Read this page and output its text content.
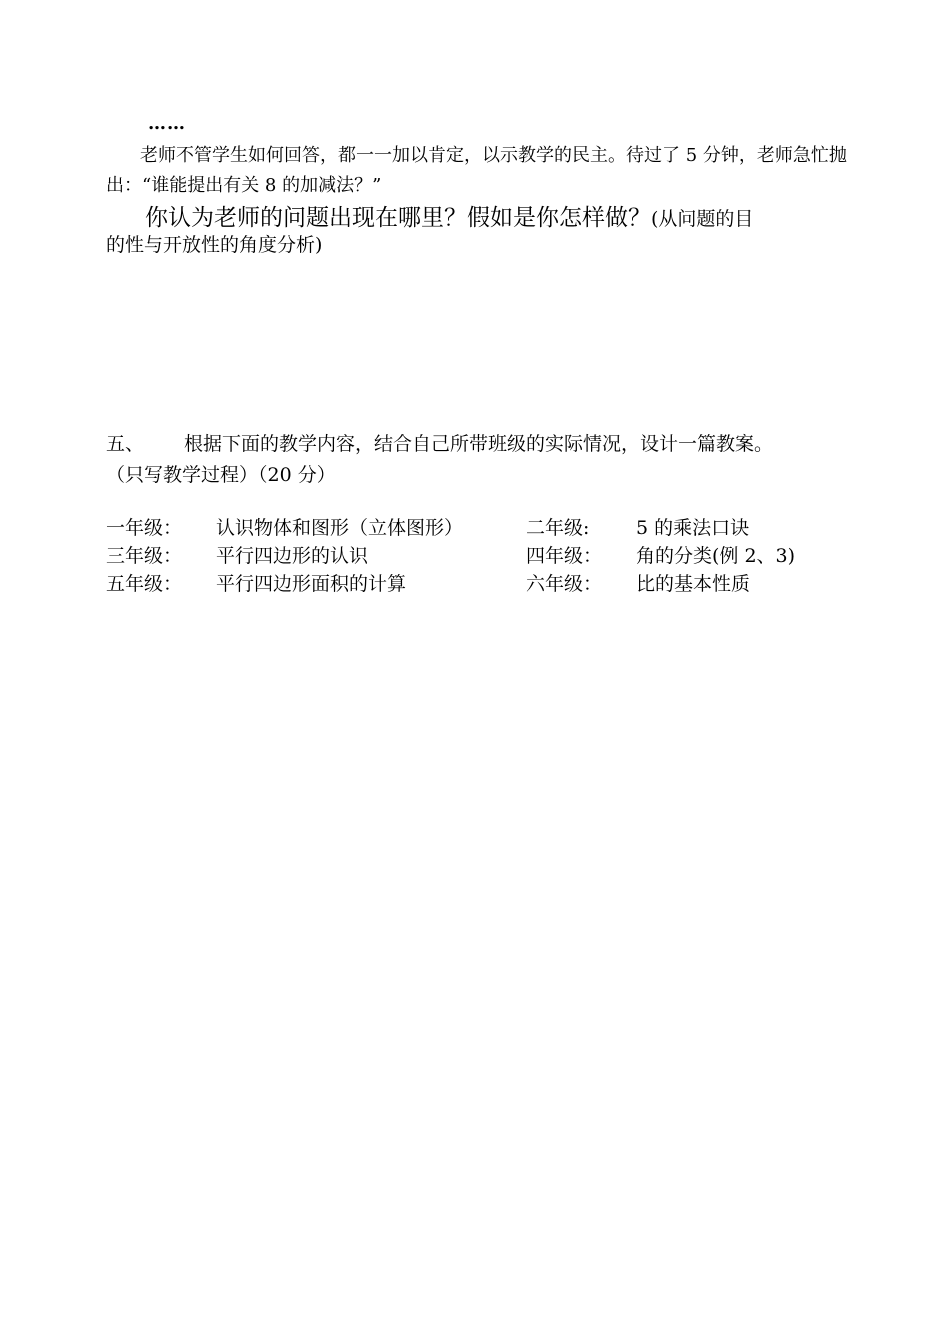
……
老师不管学生如何回答，都一一加以肯定，以示教学的民主。待过了 5 分钟，老师急忙抛出：“谁能提出有关 8 的加减法？”
你认为老师的问题出现在哪里？假如是你怎样做？(从问题的目
的性与开放性的角度分析)
五、 根据下面的教学内容，结合自己所带班级的实际情况，设计一篇教案。
（只写教学过程）（20 分）
一年级：	认识物体和图形（立体图形）	二年级:	5 的乘法口诀
三年级：	平行四边形的认识	四年级：	角的分类(例 2、3)
五年级：	平行四边形面积的计算	六年级：	比的基本性质
